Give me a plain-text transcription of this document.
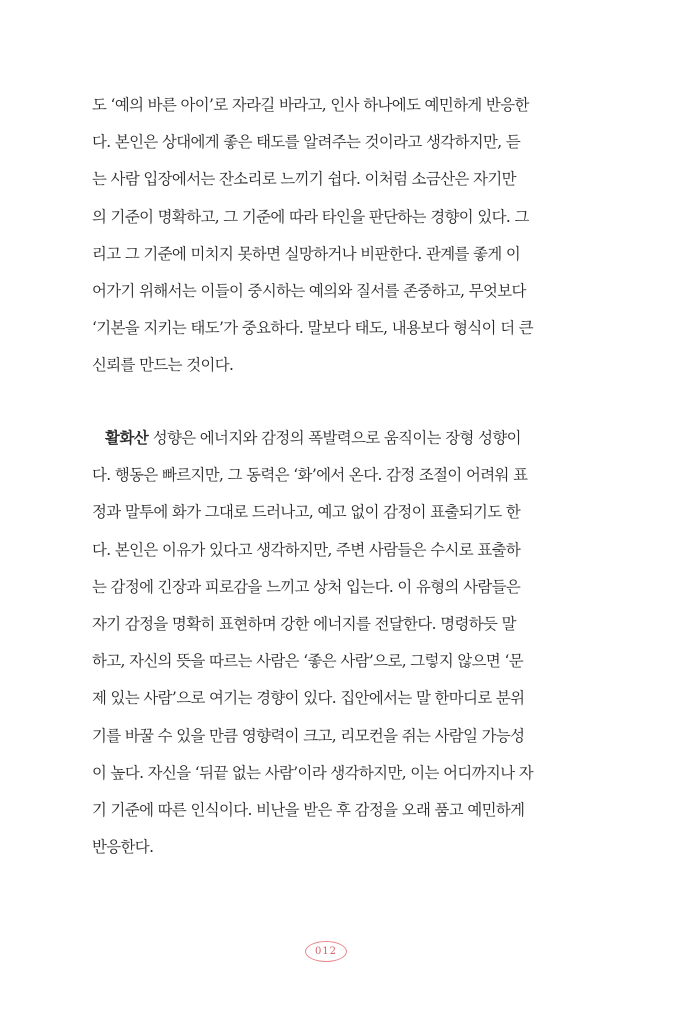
도 ‘예의 바른 아이’로 자라길 바라고, 인사 하나에도 예민하게 반응한
다. 본인은 상대에게 좋은 태도를 알려주는 것이라고 생각하지만, 듣
는 사람 입장에서는 잔소리로 느끼기 쉽다. 이처럼 소금산은 자기만
의 기준이 명확하고, 그 기준에 따라 타인을 판단하는 경향이 있다. 그
리고 그 기준에 미치지 못하면 실망하거나 비판한다. 관계를 좋게 이
어가기 위해서는 이들이 중시하는 예의와 질서를 존중하고, 무엇보다
‘기본을 지키는 태도’가 중요하다. 말보다 태도, 내용보다 형식이 더 큰
신뢰를 만드는 것이다.
활화산 성향은 에너지와 감정의 폭발력으로 움직이는 장형 성향이
다. 행동은 빠르지만, 그 동력은 ‘화’에서 온다. 감정 조절이 어려워 표
정과 말투에 화가 그대로 드러나고, 예고 없이 감정이 표출되기도 한
다. 본인은 이유가 있다고 생각하지만, 주변 사람들은 수시로 표출하
는 감정에 긴장과 피로감을 느끼고 상처 입는다. 이 유형의 사람들은
자기 감정을 명확히 표현하며 강한 에너지를 전달한다. 명령하듯 말
하고, 자신의 뜻을 따르는 사람은 ‘좋은 사람’으로, 그렇지 않으면 ‘문
제 있는 사람’으로 여기는 경향이 있다. 집안에서는 말 한마디로 분위
기를 바꿀 수 있을 만큼 영향력이 크고, 리모컨을 쥐는 사람일 가능성
이 높다. 자신을 ‘뒤끝 없는 사람’이라 생각하지만, 이는 어디까지나 자
기 기준에 따른 인식이다. 비난을 받은 후 감정을 오래 품고 예민하게
반응한다.
012
